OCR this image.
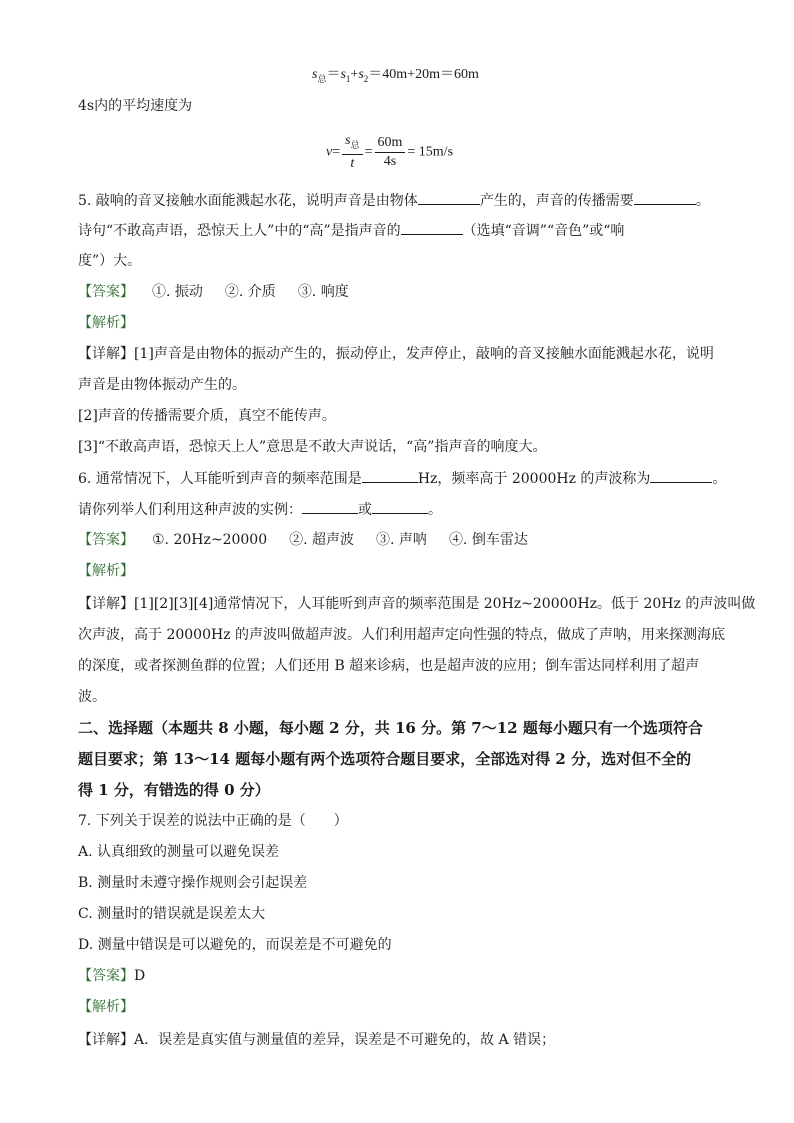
$s_总=s_1+s_2=40m+20m=60m$
4s内的平均速度为
$v= \frac{s_总}{t} = \frac{60m}{4s} = 15m/s$
5. 敲响的音叉接触水面能溅起水花，说明声音是由物体	产生的，声音的传播需要	。
诗句“不敢高声语，恐惊天上人”中的“高”是指声音的	（选填“音调”“音色”或“响
度”）大。
【答案】 ①. 振动 ②. 介质 ③. 响度
【解析】
【详解】[1]声音是由物体的振动产生的，振动停止，发声停止，敲响的音叉接触水面能溅起水花，说明
声音是由物体振动产生的。
[2]声音的传播需要介质，真空不能传声。
[3]“不敢高声语，恐惊天上人”意思是不敢大声说话，“高”指声音的响度大。
6. 通常情况下，人耳能听到声音的频率范围是	Hz，频率高于 20000Hz 的声波称为	。
请你列举人们利用这种声波的实例：	或	。
【答案】 ①. 20Hz~20000 ②. 超声波 ③. 声呐 ④. 倒车雷达
【解析】
【详解】[1][2][3][4]通常情况下，人耳能听到声音的频率范围是 20Hz~20000Hz。低于 20Hz 的声波叫做
次声波，高于 20000Hz 的声波叫做超声波。人们利用超声定向性强的特点，做成了声呐，用来探测海底
的深度，或者探测鱼群的位置；人们还用 B 超来诊病，也是超声波的应用；倒车雷达同样利用了超声
波。
二、选择题（本题共 8 小题，每小题 2 分，共 16 分。第 7～12 题每小题只有一个选项符合
题目要求；第 13～14 题每小题有两个选项符合题目要求，全部选对得 2 分，选对但不全的
得 1 分，有错选的得 0 分）
7. 下列关于误差的说法中正确的是（　　）
A. 认真细致的测量可以避免误差
B. 测量时未遵守操作规则会引起误差
C. 测量时的错误就是误差太大
D. 测量中错误是可以避免的，而误差是不可避免的
【答案】D
【解析】
【详解】A．误差是真实值与测量值的差异，误差是不可避免的，故 A 错误；
